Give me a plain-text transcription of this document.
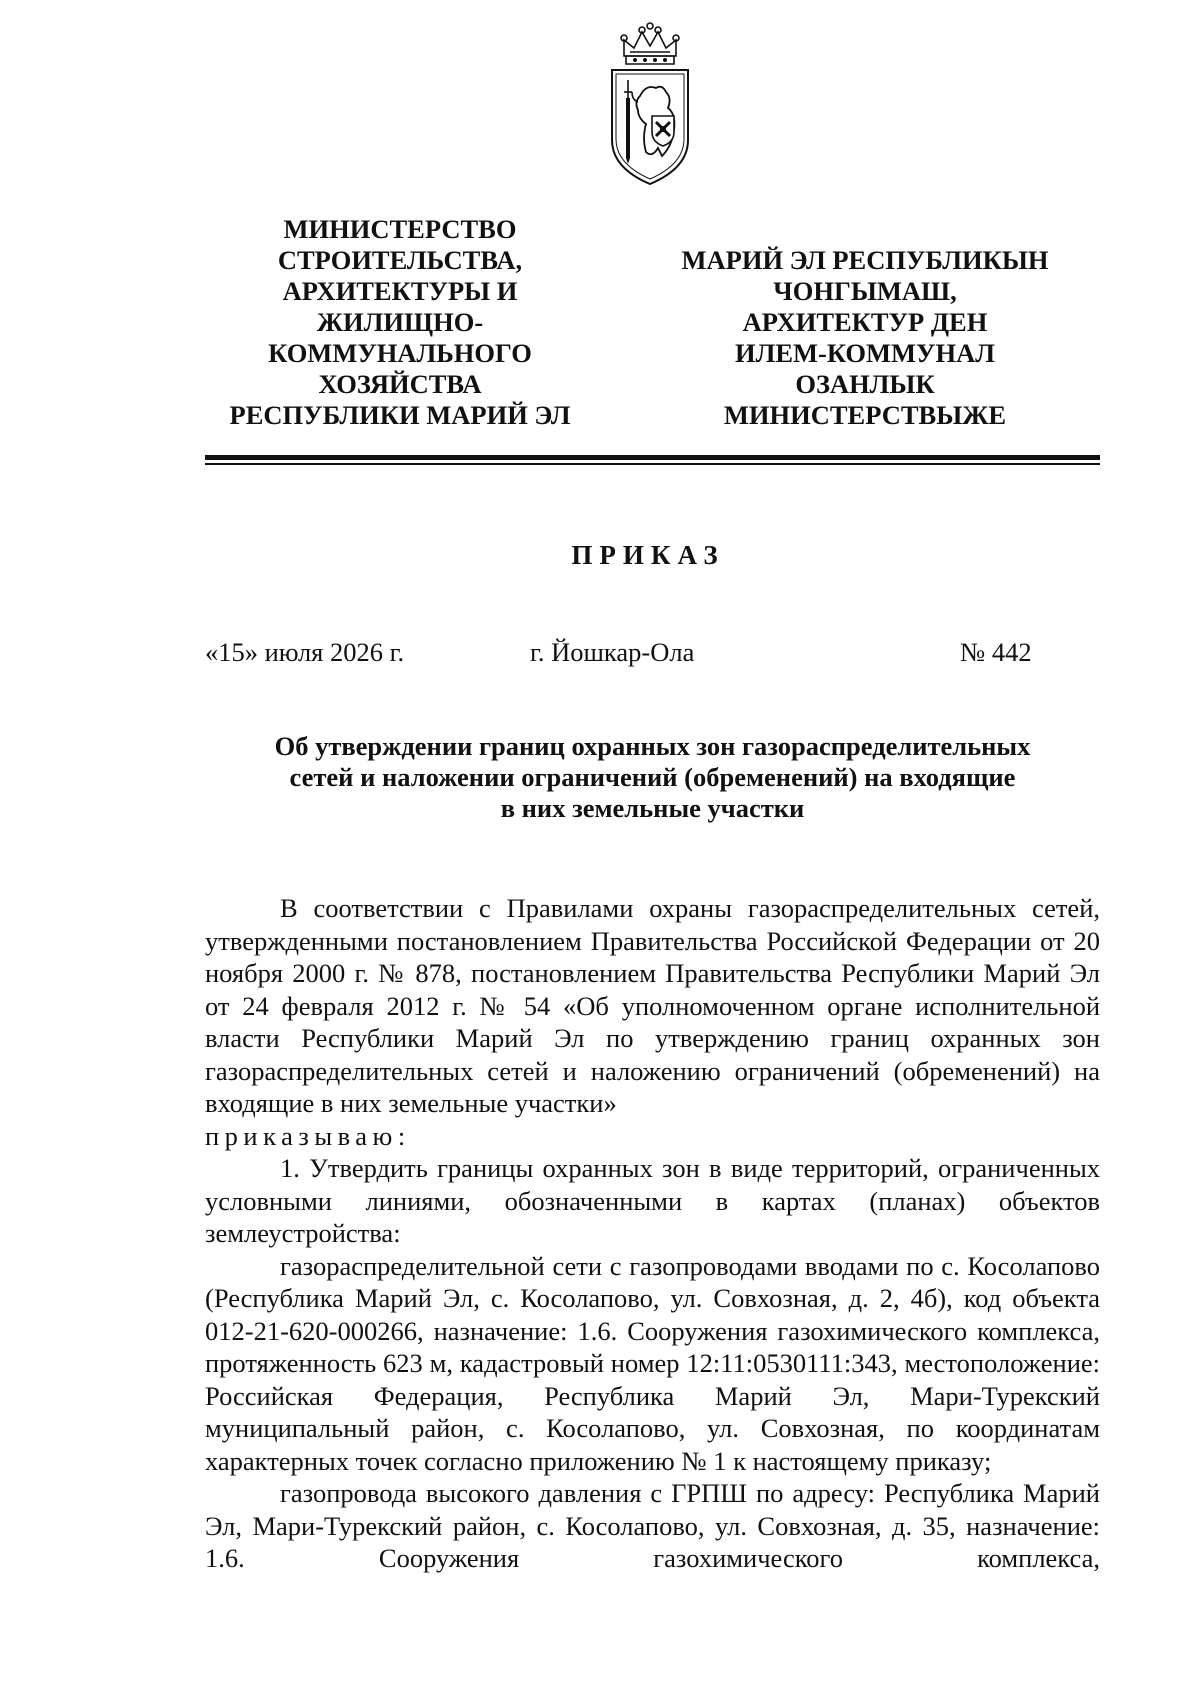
МИНИСТЕРСТВО
СТРОИТЕЛЬСТВА,
АРХИТЕКТУРЫ И
ЖИЛИЩНО-
КОММУНАЛЬНОГО
ХОЗЯЙСТВА
РЕСПУБЛИКИ МАРИЙ ЭЛ
МАРИЙ ЭЛ РЕСПУБЛИКЫН
ЧОНГЫМАШ,
АРХИТЕКТУР ДЕН
ИЛЕМ-КОММУНАЛ
ОЗАНЛЫК
МИНИСТЕРСТВЫЖЕ
ПРИКАЗ
«15» июля 2026 г.	г. Йошкар-Ола	№ 442
Об утверждении границ охранных зон газораспределительных
сетей и наложении ограничений (обременений) на входящие
в них земельные участки

В соответствии с Правилами охраны газораспределительных сетей, утвержденными постановлением Правительства Российской Федерации от 20 ноября 2000 г. № 878, постановлением Правительства Республики Марий Эл от 24 февраля 2012 г. № 54 «Об уполномоченном органе исполнительной власти Республики Марий Эл по утверждению границ охранных зон газораспределительных сетей и наложению ограничений (обременений) на входящие в них земельные участки»

приказываю:

1. Утвердить границы охранных зон в виде территорий, ограниченных условными линиями, обозначенными в картах (планах) объектов землеустройства:

газораспределительной сети с газопроводами вводами по с. Косолапово (Республика Марий Эл, с. Косолапово, ул. Совхозная, д. 2, 4б), код объекта 012-21-620-000266, назначение: 1.6. Сооружения газохимического комплекса, протяженность 623 м, кадастровый номер 12:11:0530111:343, местоположение: Российская Федерация, Республика Марий Эл, Мари-Турекский муниципальный район, с. Косолапово, ул. Совхозная, по координатам характерных точек согласно приложению № 1 к настоящему приказу;

газопровода высокого давления с ГРПШ по адресу: Республика Марий Эл, Мари-Турекский район, с. Косолапово, ул. Совхозная, д. 35, назначение: 1.6. Сооружения газохимического комплекса,
